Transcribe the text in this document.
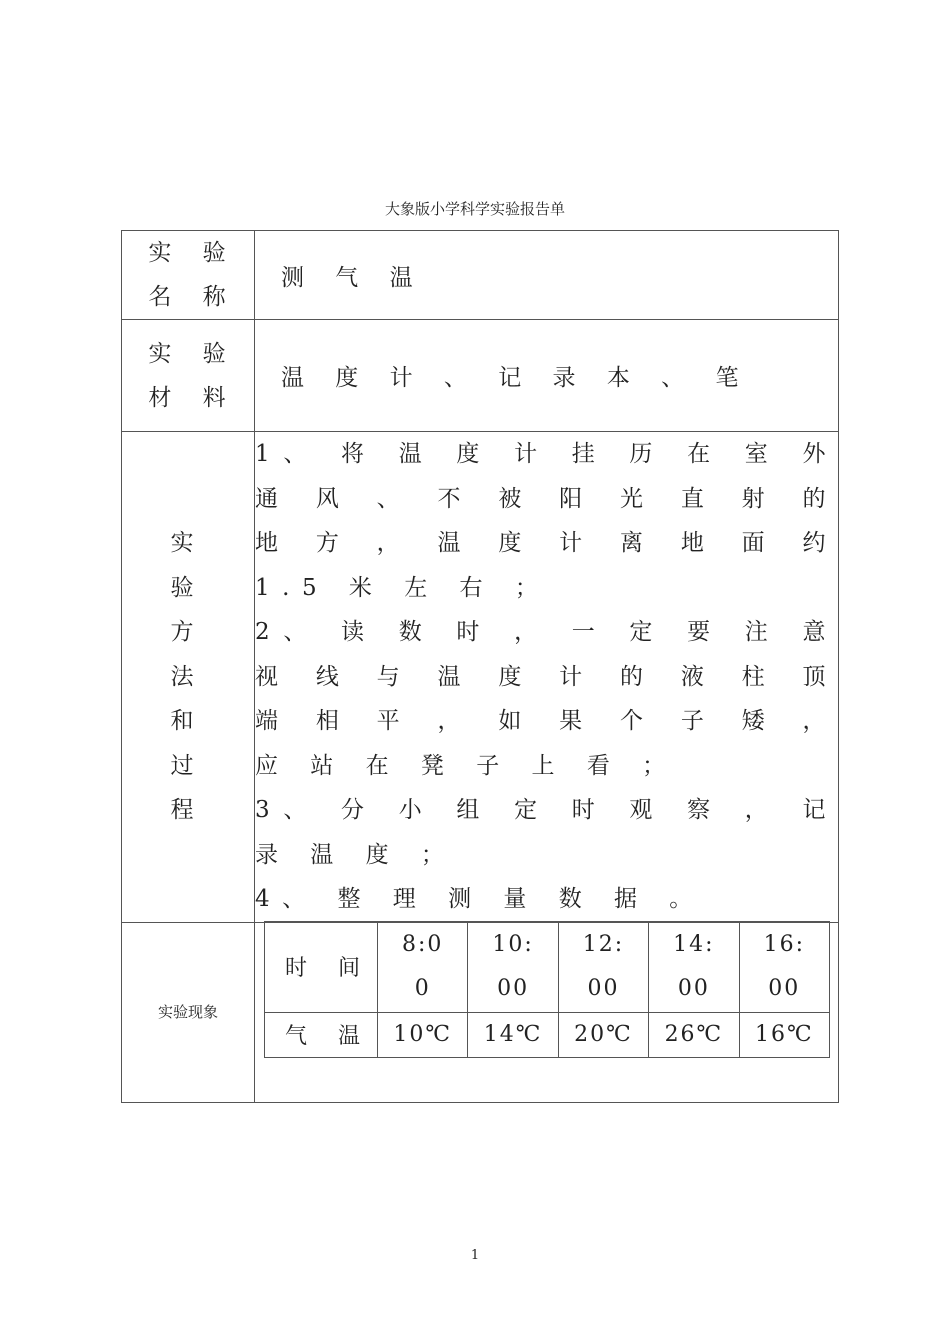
大象版小学科学实验报告单
实 验 名 称	测 气 温
实 验 材 料	温 度 计 、 记 录 本 、 笔

实
验
方
法
和
过
程

1、 将 温 度 计 挂 历 在 室 外 通 风 、 不 被 阳 光 直 射 的 地 方 ， 温 度 计 离 地 面 约 1.5 米 左 右 ；

2、 读 数 时 ， 一 定 要 注 意 视 线 与 温 度 计 的 液 柱 顶 端 相 平 ， 如 果 个 子 矮 ， 应 站 在 凳 子 上 看 ；

3、 分 小 组 定 时 观 察 ， 记 录 温 度 ；

4、 整 理 测 量 数 据 。

实验现象	
时 间	8:00	10:00	12:00	14:00	16:00
气 温	10℃	14℃	20℃	26℃	16℃
1
